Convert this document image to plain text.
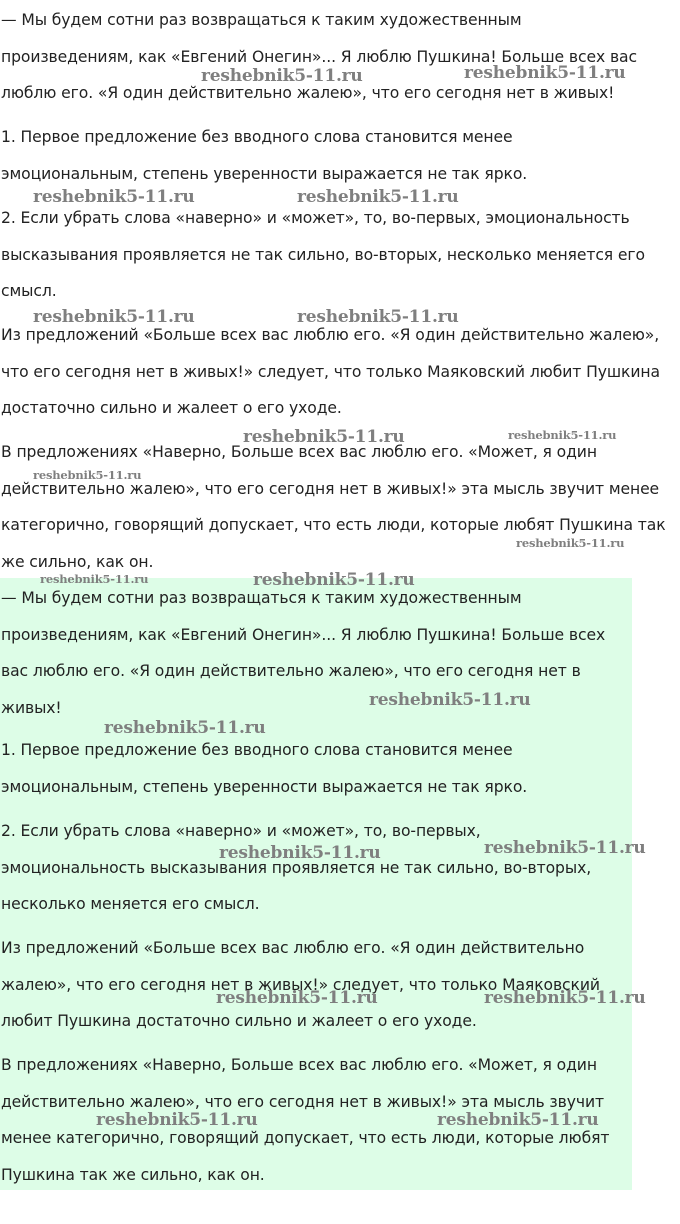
— Мы будем сотни раз возвращаться к таким художественным
произведениям, как «Евгений Онегин»... Я люблю Пушкина! Больше всех вас
люблю его. «Я один действительно жалею», что его сегодня нет в живых!

1. Первое предложение без вводного слова становится менее
эмоциональным, степень уверенности выражается не так ярко.

2. Если убрать слова «наверно» и «может», то, во-первых, эмоциональность
высказывания проявляется не так сильно, во-вторых, несколько меняется его
смысл.

Из предложений «Больше всех вас люблю его. «Я один действительно жалею»,
что его сегодня нет в живых!» следует, что только Маяковский любит Пушкина
достаточно сильно и жалеет о его уходе.

В предложениях «Наверно, Больше всех вас люблю его. «Может, я один
действительно жалею», что его сегодня нет в живых!» эта мысль звучит менее
категорично, говорящий допускает, что есть люди, которые любят Пушкина так
же сильно, как он.

— Мы будем сотни раз возвращаться к таким художественным
произведениям, как «Евгений Онегин»... Я люблю Пушкина! Больше всех
вас люблю его. «Я один действительно жалею», что его сегодня нет в
живых!

1. Первое предложение без вводного слова становится менее
эмоциональным, степень уверенности выражается не так ярко.

2. Если убрать слова «наверно» и «может», то, во-первых,
эмоциональность высказывания проявляется не так сильно, во-вторых,
несколько меняется его смысл.

Из предложений «Больше всех вас люблю его. «Я один действительно
жалею», что его сегодня нет в живых!» следует, что только Маяковский
любит Пушкина достаточно сильно и жалеет о его уходе.

В предложениях «Наверно, Больше всех вас люблю его. «Может, я один
действительно жалею», что его сегодня нет в живых!» эта мысль звучит
менее категорично, говорящий допускает, что есть люди, которые любят
Пушкина так же сильно, как он.

reshebnik5-11.ru	reshebnik5-11.ru
reshebnik5-11.ru	reshebnik5-11.ru
reshebnik5-11.ru	reshebnik5-11.ru
reshebnik5-11.ru	reshebnik5-11.ru
reshebnik5-11.ru
reshebnik5-11.ru
reshebnik5-11.ru	reshebnik5-11.ru
reshebnik5-11.ru
reshebnik5-11.ru
reshebnik5-11.ru	reshebnik5-11.ru
reshebnik5-11.ru	reshebnik5-11.ru
reshebnik5-11.ru	reshebnik5-11.ru
